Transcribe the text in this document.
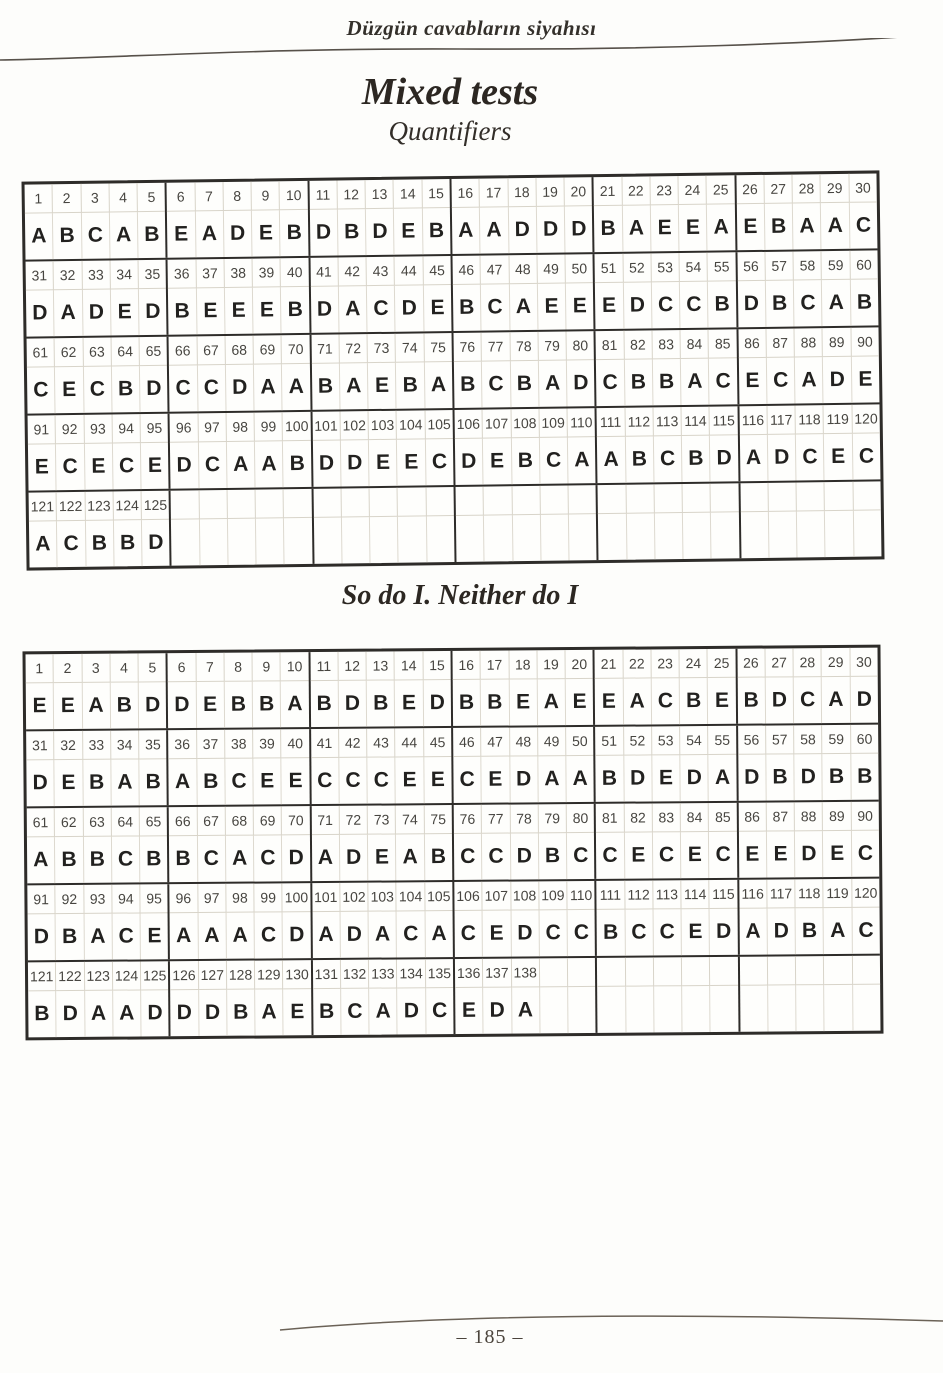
Düzgün cavabların siyahısı
Mixed tests
Quantifiers
1	2	3	4	5
A B C A B
6	7	8	9	10
E A D E B
11 12 13 14 15
D B D E B
16 17 18 19 20
A A D D D
21 22 23 24 25
B A E E A
26 27 28 29 30
E B A A C
31 32 33 34 35
D A D E D
36 37 38 39 40
B E E E B
41 42 43 44 45
D A C D E
46 47 48 49 50
B C A E E
51 52 53 54 55
E D C C B
56 57 58 59 60
D B C A B
61 62 63 64 65
C E C B D
66 67 68 69 70
C C D A A
71 72 73 74 75
B A E B A
76 77 78 79 80
B C B A D
81 82 83 84 85
C B B A C
86 87 88 89 90
E C A D E
91 92 93 94 95
E C E C E
96 97 98 99 100
D C A A B
101 102 103 104 105
D D E E C
106 107 108 109 110
D E B C A
111 112 113 114 115
A B C B D
116 117 118 119 120
A D C E C
121 122 123 124 125
A C B B D
So do I. Neither do I
1	2	3	4	5
E E A B D
6	7	8	9	10
D E B B A
11 12 13 14 15
B D B E D
16 17 18 19 20
B B E A E
21 22 23 24 25
E A C B E
26 27 28 29 30
B D C A D
31 32 33 34 35
D E B A B
36 37 38 39 40
A B C E E
41 42 43 44 45
C C C E E
46 47 48 49 50
C E D A A
51 52 53 54 55
B D E D A
56 57 58 59 60
D B D B B
61 62 63 64 65
A B B C B
66 67 68 69 70
B C A C D
71 72 73 74 75
A D E A B
76 77 78 79 80
C C D B C
81 82 83 84 85
C E C E C
86 87 88 89 90
E E D E C
91 92 93 94 95
D B A C E
96 97 98 99 100
A A A C D
101 102 103 104 105
A D A C A
106 107 108 109 110
C E D C C
111 112 113 114 115
B C C E D
116 117 118 119 120
A D B A C
121 122 123 124 125
B D A A D
126 127 128 129 130
D D B A E
131 132 133 134 135
B C A D C
136 137 138
E D A
– 185 –
